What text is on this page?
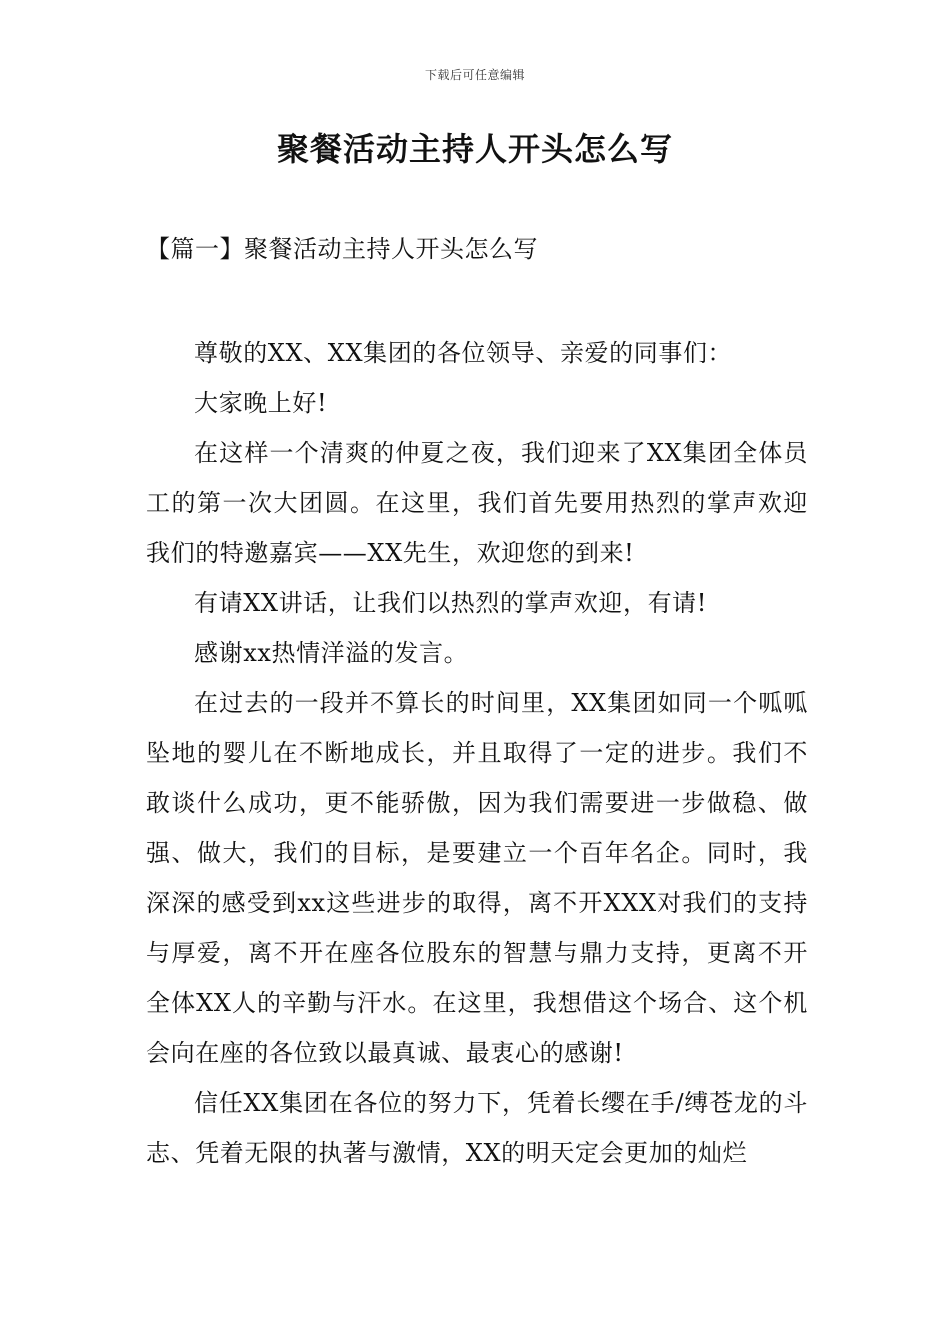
下载后可任意编辑
聚餐活动主持人开头怎么写
【篇一】聚餐活动主持人开头怎么写

尊敬的XX、XX集团的各位领导、亲爱的同事们：

大家晚上好!

在这样一个清爽的仲夏之夜，我们迎来了XX集团全体员工的第一次大团圆。在这里，我们首先要用热烈的掌声欢迎我们的特邀嘉宾——XX先生，欢迎您的到来!

有请XX讲话，让我们以热烈的掌声欢迎，有请!

感谢xx热情洋溢的发言。

在过去的一段并不算长的时间里，XX集团如同一个呱呱坠地的婴儿在不断地成长，并且取得了一定的进步。我们不敢谈什么成功，更不能骄傲，因为我们需要进一步做稳、做强、做大，我们的目标，是要建立一个百年名企。同时，我深深的感受到xx这些进步的取得，离不开XXX对我们的支持与厚爱，离不开在座各位股东的智慧与鼎力支持，更离不开全体XX人的辛勤与汗水。在这里，我想借这个场合、这个机会向在座的各位致以最真诚、最衷心的感谢!

信任XX集团在各位的努力下，凭着长缨在手/缚苍龙的斗志、凭着无限的执著与激情，XX的明天定会更加的灿烂
